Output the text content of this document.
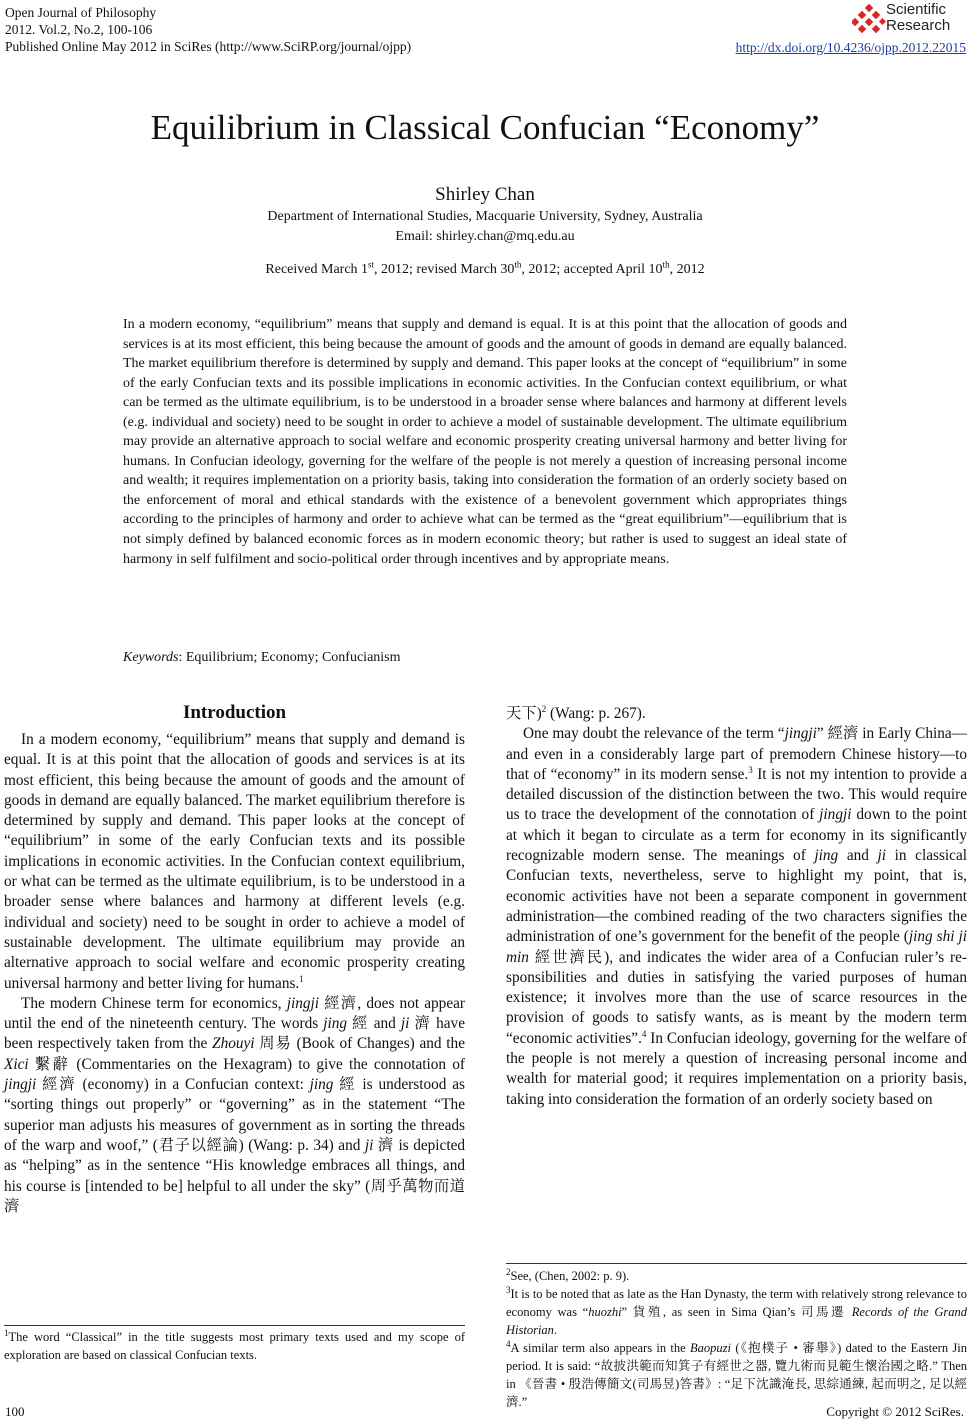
Open Journal of Philosophy
2012. Vol.2, No.2, 100-106
Published Online May 2012 in SciRes (http://www.SciRP.org/journal/ojpp)
Scientific
Research
http://dx.doi.org/10.4236/ojpp.2012.22015
Equilibrium in Classical Confucian “Economy”
Shirley Chan
Department of International Studies, Macquarie University, Sydney, Australia
Email: shirley.chan@mq.edu.au
Received March 1st, 2012; revised March 30th, 2012; accepted April 10th, 2012
In a modern economy, “equilibrium” means that supply and demand is equal. It is at this point that the allocation of goods and services is at its most efficient, this being because the amount of goods and the amount of goods in demand are equally balanced. The market equilibrium therefore is determined by supply and demand. This paper looks at the concept of “equilibrium” in some of the early Confucian texts and its possible implications in economic activities. In the Confucian context equilibrium, or what can be termed as the ultimate equilibrium, is to be understood in a broader sense where balances and harmony at different levels (e.g. individual and society) need to be sought in order to achieve a model of sustainable development. The ultimate equilibrium may provide an alternative approach to social welfare and economic prosperity creating universal harmony and better living for humans. In Confucian ideology, governing for the welfare of the people is not merely a question of increasing personal income and wealth; it requires implementation on a priority basis, taking into consideration the formation of an orderly society based on the enforcement of moral and ethical standards with the existence of a benevolent government which appropriates things according to the principles of harmony and order to achieve what can be termed as the “great equilibrium”—equilibrium that is not simply defined by balanced economic forces as in modern economic theory; but rather is used to suggest an ideal state of harmony in self fulfilment and socio-political order through incentives and by appropriate means.
Keywords: Equilibrium; Economy; Confucianism
Introduction

In a modern economy, “equilibrium” means that supply and demand is equal. It is at this point that the allocation of goods and services is at its most efficient, this being because the amount of goods and the amount of goods in demand are equally balanced. The market equilibrium therefore is determined by supply and demand. This paper looks at the concept of “equilibrium” in some of the early Confucian texts and its possible implications in economic activities. In the Confucian context equilibrium, or what can be termed as the ultimate equilibrium, is to be understood in a broader sense where balances and harmony at different levels (e.g. individual and society) need to be sought in order to achieve a model of sustainable development. The ultimate equilibrium may provide an alternative approach to social welfare and economic prosperity creating universal harmony and better living for humans.$^1$

The modern Chinese term for economics, jingji 經濟, does not appear until the end of the nineteenth century. The words jing 經 and ji 濟 have been respectively taken from the Zhouyi 周易 (Book of Changes) and the Xici 繫辭 (Commentaries on the Hexagram) to give the connotation of jingji 經濟 (economy) in a Confucian context: jing 經 is understood as “sorting things out properly” or “governing” as in the statement “The superior man adjusts his measures of government as in sorting the threads of the warp and woof,” (君子以經論) (Wang: p. 34) and ji 濟 is depicted as “helping” as in the sentence “His knowledge embraces all things, and his course is [intended to be] helpful to all under the sky” (周乎萬物而道濟

$^1$The word “Classical” in the title suggests most primary texts used and my scope of exploration are based on classical Confucian texts.
天下)$^2$ (Wang: p. 267).

One may doubt the relevance of the term “jingji” 經濟 in Early China—and even in a considerably large part of premodern Chinese history—to that of “economy” in its modern sense.$^3$ It is not my intention to provide a detailed discussion of the distinction between the two. This would require us to trace the development of the connotation of jingji down to the point at which it began to circulate as a term for economy in its significantly recognizable modern sense. The meanings of jing and ji in classical Confucian texts, nevertheless, serve to highlight my point, that is, economic activities have not been a separate component in government administration—the combined reading of the two characters signifies the administration of one’s government for the benefit of the people (jing shi ji min 經世濟民), and indicates the wider area of a Confucian ruler’s responsibilities and duties in satisfying the varied purposes of human existence; it involves more than the use of scarce resources in the provision of goods to satisfy wants, as is meant by the modern term “economic activities”.$^4$ In Confucian ideology, governing for the welfare of the people is not merely a question of increasing personal income and wealth for material good; it requires implementation on a priority basis, taking into consideration the formation of an orderly society based on

$^2$See, (Chen, 2002: p. 9).
$^3$It is to be noted that as late as the Han Dynasty, the term with relatively strong relevance to economy was “huozhi” 貨殖, as seen in Sima Qian’s 司馬遷 Records of the Grand Historian.
$^4$A similar term also appears in the Baopuzi (《抱樸子 • 審舉》) dated to the Eastern Jin period. It is said: “故披洪範而知箕子有經世之器, 覽九術而見範生懷治國之略.” Then in 《晉書 • 殷浩傳簡文(司馬昱)答書》: “足下沈識淹長, 思綜通練, 起而明之, 足以經濟.”
100	Copyright © 2012 SciRes.
